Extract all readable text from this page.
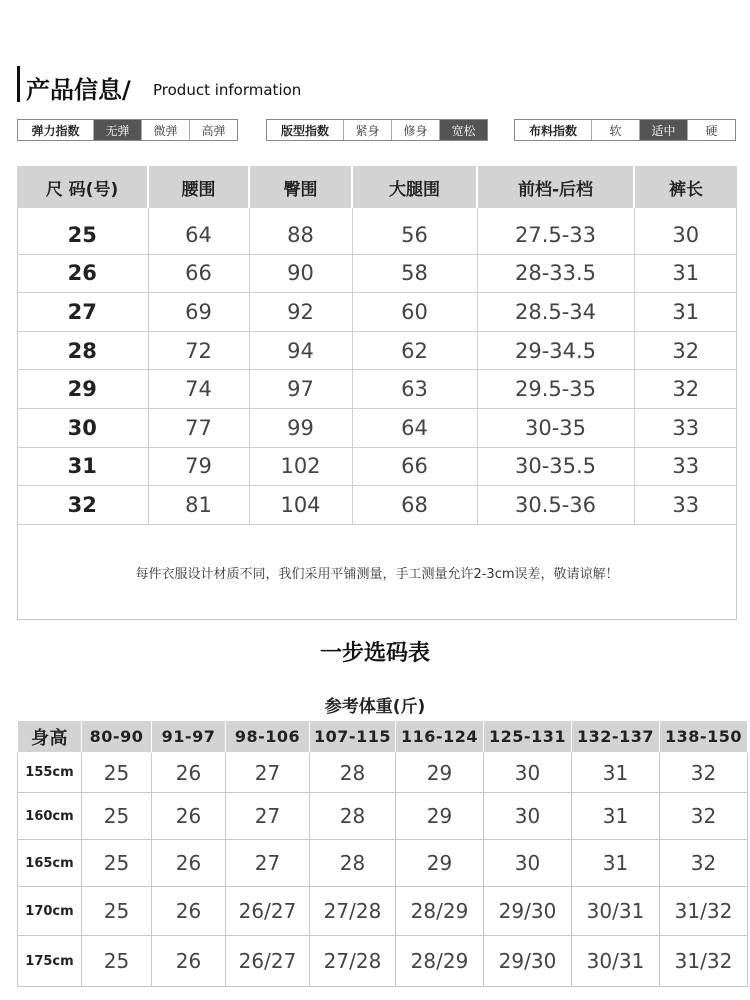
产品信息/ Product information
弹力指数	无弹	微弹	高弹	版型指数	紧身	修身	宽松	布料指数	软	适中	硬
尺 码(号)	腰围	臀围	大腿围	前档-后档	裤长
25	64	88	56	27.5-33	30
26	66	90	58	28-33.5	31
27	69	92	60	28.5-34	31
28	72	94	62	29-34.5	32
29	74	97	63	29.5-35	32
30	77	99	64	30-35	33
31	79	102	66	30-35.5	33
32	81	104	68	30.5-36	33
每件衣服设计材质不同，我们采用平铺测量，手工测量允许2-3cm误差，敬请谅解！
一步选码表
参考体重(斤)
身高	80-90	91-97	98-106	107-115	116-124	125-131	132-137	138-150
155cm	25	26	27	28	29	30	31	32
160cm	25	26	27	28	29	30	31	32
165cm	25	26	27	28	29	30	31	32
170cm	25	26	26/27	27/28	28/29	29/30	30/31	31/32
175cm	25	26	26/27	27/28	28/29	29/30	30/31	31/32
